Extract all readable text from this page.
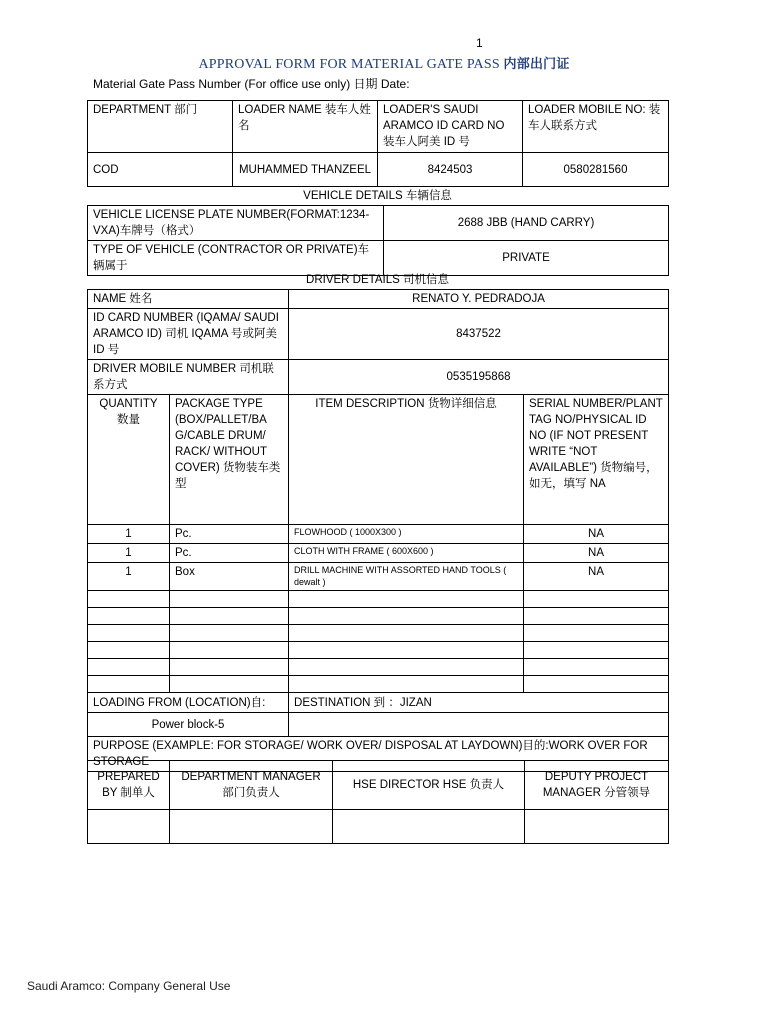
1
APPROVAL FORM FOR MATERIAL GATE PASS 内部出门证
Material Gate Pass Number (For office use only) 日期 Date:
DEPARTMENT 部门	LOADER NAME 装车人姓名	LOADER'S SAUDI ARAMCO ID CARD NO 装车人阿美 ID 号	LOADER MOBILE NO: 装车人联系方式
COD	MUHAMMED THANZEEL	8424503	0580281560
VEHICLE DETAILS 车辆信息
VEHICLE LICENSE PLATE NUMBER(FORMAT:1234-VXA)车牌号（格式）	2688 JBB (HAND CARRY)
TYPE OF VEHICLE (CONTRACTOR OR PRIVATE)车辆属于	PRIVATE
DRIVER DETAILS 司机信息
NAME 姓名		RENATO Y. PEDRADOJA	
ID CARD NUMBER (IQAMA/ SAUDI ARAMCO ID) 司机 IQAMA 号或阿美 ID 号		8437522	
DRIVER MOBILE NUMBER 司机联系方式		0535195868	
QUANTITY 数量	PACKAGE TYPE (BOX/PALLET/BA G/CABLE DRUM/ RACK/ WITHOUT COVER) 货物装车类型	ITEM DESCRIPTION 货物详细信息	SERIAL NUMBER/PLANT TAG NO/PHYSICAL ID NO (IF NOT PRESENT WRITE “NOT AVAILABLE”) 货物编号，如无，填写 NA
1	Pc.	FLOWHOOD ( 1000X300 )	NA
1	Pc.	CLOTH WITH FRAME ( 600X600 )	NA
1	Box	DRILL MACHINE WITH ASSORTED HAND TOOLS ( dewalt )	NA

LOADING FROM (LOCATION)自:		DESTINATION 到 ：JIZAN	
Power block-5			
PURPOSE (EXAMPLE: FOR STORAGE/ WORK OVER/ DISPOSAL AT LAYDOWN)目的:WORK OVER FOR STORAGE			
PREPARED BY 制单人	DEPARTMENT MANAGER 部门负责人	HSE DIRECTOR HSE 负责人	DEPUTY PROJECT MANAGER 分管领导

Saudi Aramco: Company General Use
